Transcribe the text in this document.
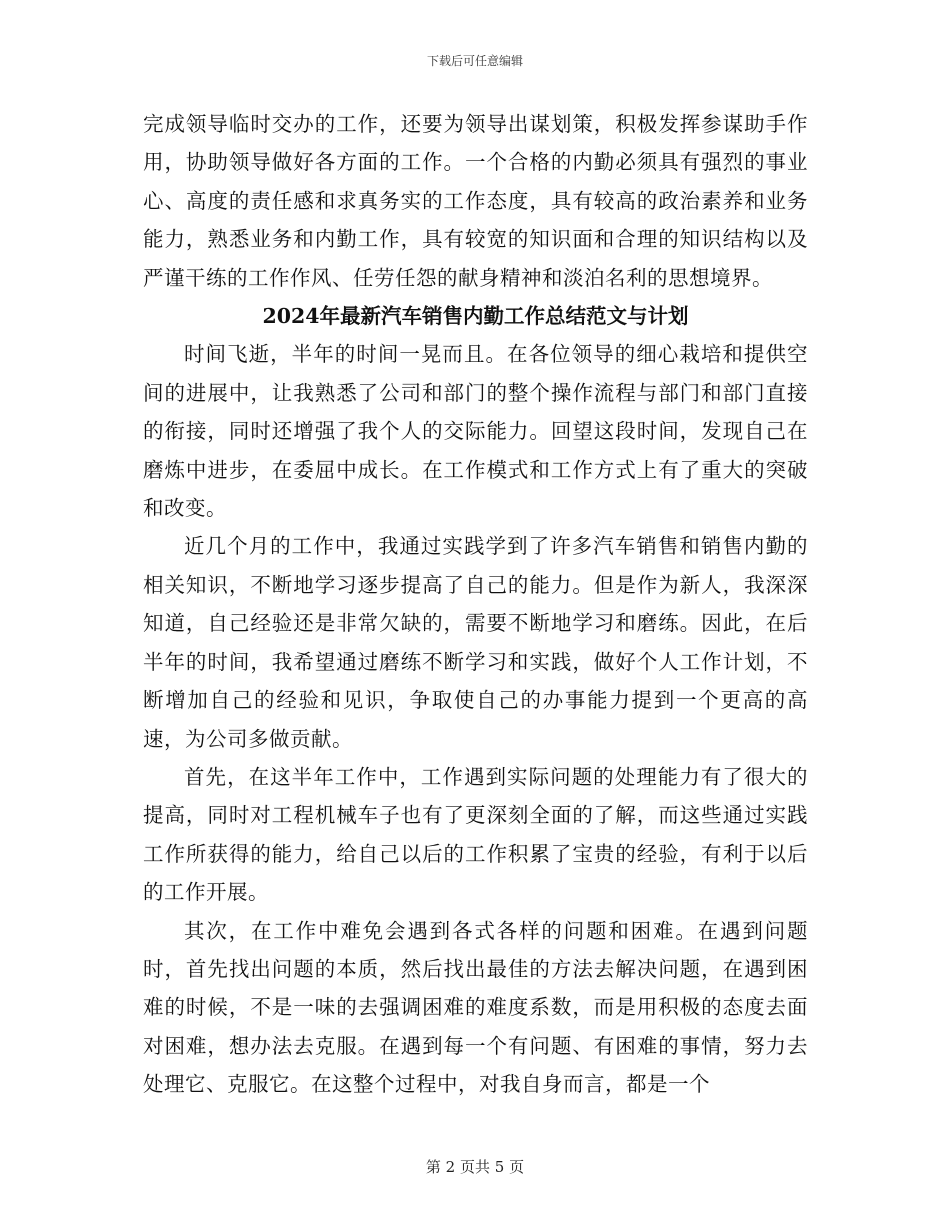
下载后可任意编辑

完成领导临时交办的工作，还要为领导出谋划策，积极发挥参谋助手作用，协助领导做好各方面的工作。一个合格的内勤必须具有强烈的事业心、高度的责任感和求真务实的工作态度，具有较高的政治素养和业务能力，熟悉业务和内勤工作，具有较宽的知识面和合理的知识结构以及严谨干练的工作作风、任劳任怨的献身精神和淡泊名利的思想境界。

2024年最新汽车销售内勤工作总结范文与计划

时间飞逝，半年的时间一晃而且。在各位领导的细心栽培和提供空间的进展中，让我熟悉了公司和部门的整个操作流程与部门和部门直接的衔接，同时还增强了我个人的交际能力。回望这段时间，发现自己在磨炼中进步，在委屈中成长。在工作模式和工作方式上有了重大的突破和改变。

近几个月的工作中，我通过实践学到了许多汽车销售和销售内勤的相关知识，不断地学习逐步提高了自己的能力。但是作为新人，我深深知道，自己经验还是非常欠缺的，需要不断地学习和磨练。因此，在后半年的时间，我希望通过磨练不断学习和实践，做好个人工作计划，不断增加自己的经验和见识，争取使自己的办事能力提到一个更高的高速，为公司多做贡献。

首先，在这半年工作中，工作遇到实际问题的处理能力有了很大的提高，同时对工程机械车子也有了更深刻全面的了解，而这些通过实践工作所获得的能力，给自己以后的工作积累了宝贵的经验，有利于以后的工作开展。

其次，在工作中难免会遇到各式各样的问题和困难。在遇到问题时，首先找出问题的本质，然后找出最佳的方法去解决问题，在遇到困难的时候，不是一味的去强调困难的难度系数，而是用积极的态度去面对困难，想办法去克服。在遇到每一个有问题、有困难的事情，努力去处理它、克服它。在这整个过程中，对我自身而言，都是一个

第 2 页共 5 页
